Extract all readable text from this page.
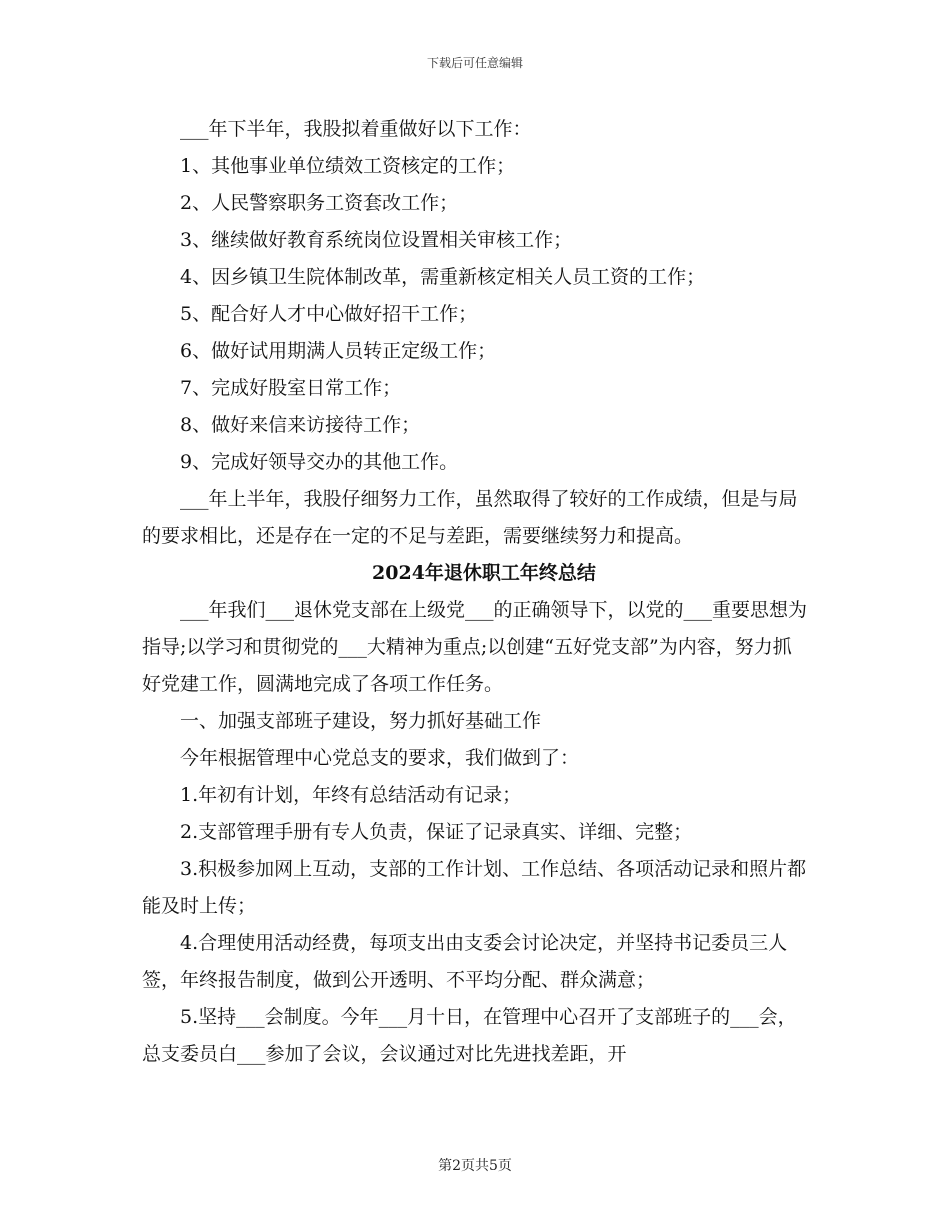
下载后可任意编辑

___年下半年，我股拟着重做好以下工作：

1、其他事业单位绩效工资核定的工作；

2、人民警察职务工资套改工作；

3、继续做好教育系统岗位设置相关审核工作；

4、因乡镇卫生院体制改革，需重新核定相关人员工资的工作；

5、配合好人才中心做好招干工作；

6、做好试用期满人员转正定级工作；

7、完成好股室日常工作；

8、做好来信来访接待工作；

9、完成好领导交办的其他工作。

___年上半年，我股仔细努力工作，虽然取得了较好的工作成绩，但是与局的要求相比，还是存在一定的不足与差距，需要继续努力和提高。

2024年退休职工年终总结

___年我们___退休党支部在上级党___的正确领导下，以党的___重要思想为指导;以学习和贯彻党的___大精神为重点;以创建“五好党支部”为内容，努力抓好党建工作，圆满地完成了各项工作任务。

一、加强支部班子建设，努力抓好基础工作

今年根据管理中心党总支的要求，我们做到了：

1.年初有计划，年终有总结活动有记录；

2.支部管理手册有专人负责，保证了记录真实、详细、完整；

3.积极参加网上互动，支部的工作计划、工作总结、各项活动记录和照片都能及时上传；

4.合理使用活动经费，每项支出由支委会讨论决定，并坚持书记委员三人签，年终报告制度，做到公开透明、不平均分配、群众满意；

5.坚持___会制度。今年___月十日，在管理中心召开了支部班子的___会，总支委员白___参加了会议，会议通过对比先进找差距，开

第2页共5页
